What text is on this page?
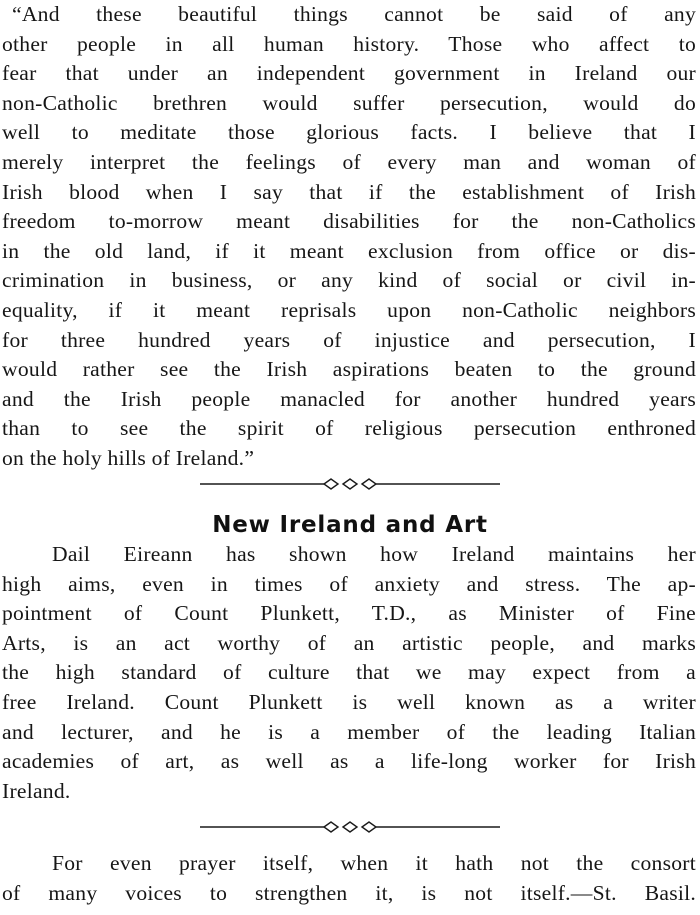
“And these beautiful things cannot be said of any
other people in all human history. Those who affect to
fear that under an independent government in Ireland our
non-Catholic brethren would suffer persecution, would do
well to meditate those glorious facts. I believe that I
merely interpret the feelings of every man and woman of
Irish blood when I say that if the establishment of Irish
freedom to-morrow meant disabilities for the non-Catholics
in the old land, if it meant exclusion from office or dis-
crimination in business, or any kind of social or civil in-
equality, if it meant reprisals upon non-Catholic neighbors
for three hundred years of injustice and persecution, I
would rather see the Irish aspirations beaten to the ground
and the Irish people manacled for another hundred years
than to see the spirit of religious persecution enthroned
on the holy hills of Ireland.”
New Ireland and Art
Dail Eireann has shown how Ireland maintains her
high aims, even in times of anxiety and stress. The ap-
pointment of Count Plunkett, T.D., as Minister of Fine
Arts, is an act worthy of an artistic people, and marks
the high standard of culture that we may expect from a
free Ireland. Count Plunkett is well known as a writer
and lecturer, and he is a member of the leading Italian
academies of art, as well as a life-long worker for Irish
Ireland.
For even prayer itself, when it hath not the consort
of many voices to strengthen it, is not itself.—St. Basil.
